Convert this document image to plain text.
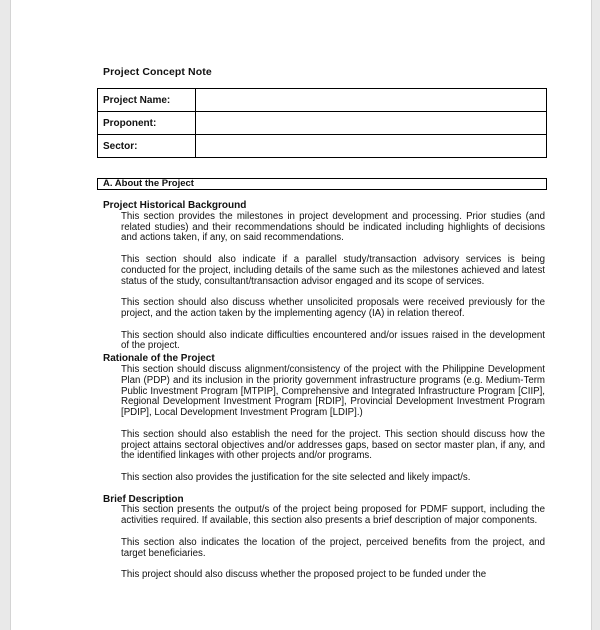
Project Concept Note
Project Name:	
Proponent:	
Sector:	
A. About the Project

Project Historical Background

This section provides the milestones in project development and processing. Prior studies (and related studies) and their recommendations should be indicated including highlights of decisions and actions taken, if any, on said recommendations.

This section should also indicate if a parallel study/transaction advisory services is being conducted for the project, including details of the same such as the milestones achieved and latest status of the study, consultant/transaction advisor engaged and its scope of services.

This section should also discuss whether unsolicited proposals were received previously for the project, and the action taken by the implementing agency (IA) in relation thereof.

This section should also indicate difficulties encountered and/or issues raised in the development of the project.

Rationale of the Project

This section should discuss alignment/consistency of the project with the Philippine Development Plan (PDP) and its inclusion in the priority government infrastructure programs (e.g. Medium-Term Public Investment Program [MTPIP], Comprehensive and Integrated Infrastructure Program [CIIP], Regional Development Investment Program [RDIP], Provincial Development Investment Program [PDIP], Local Development Investment Program [LDIP].)

This section should also establish the need for the project. This section should discuss how the project attains sectoral objectives and/or addresses gaps, based on sector master plan, if any, and the identified linkages with other projects and/or programs.

This section also provides the justification for the site selected and likely impact/s.

Brief Description

This section presents the output/s of the project being proposed for PDMF support, including the activities required. If available, this section also presents a brief description of major components.

This section also indicates the location of the project, perceived benefits from the project, and target beneficiaries.

This project should also discuss whether the proposed project to be funded under the
